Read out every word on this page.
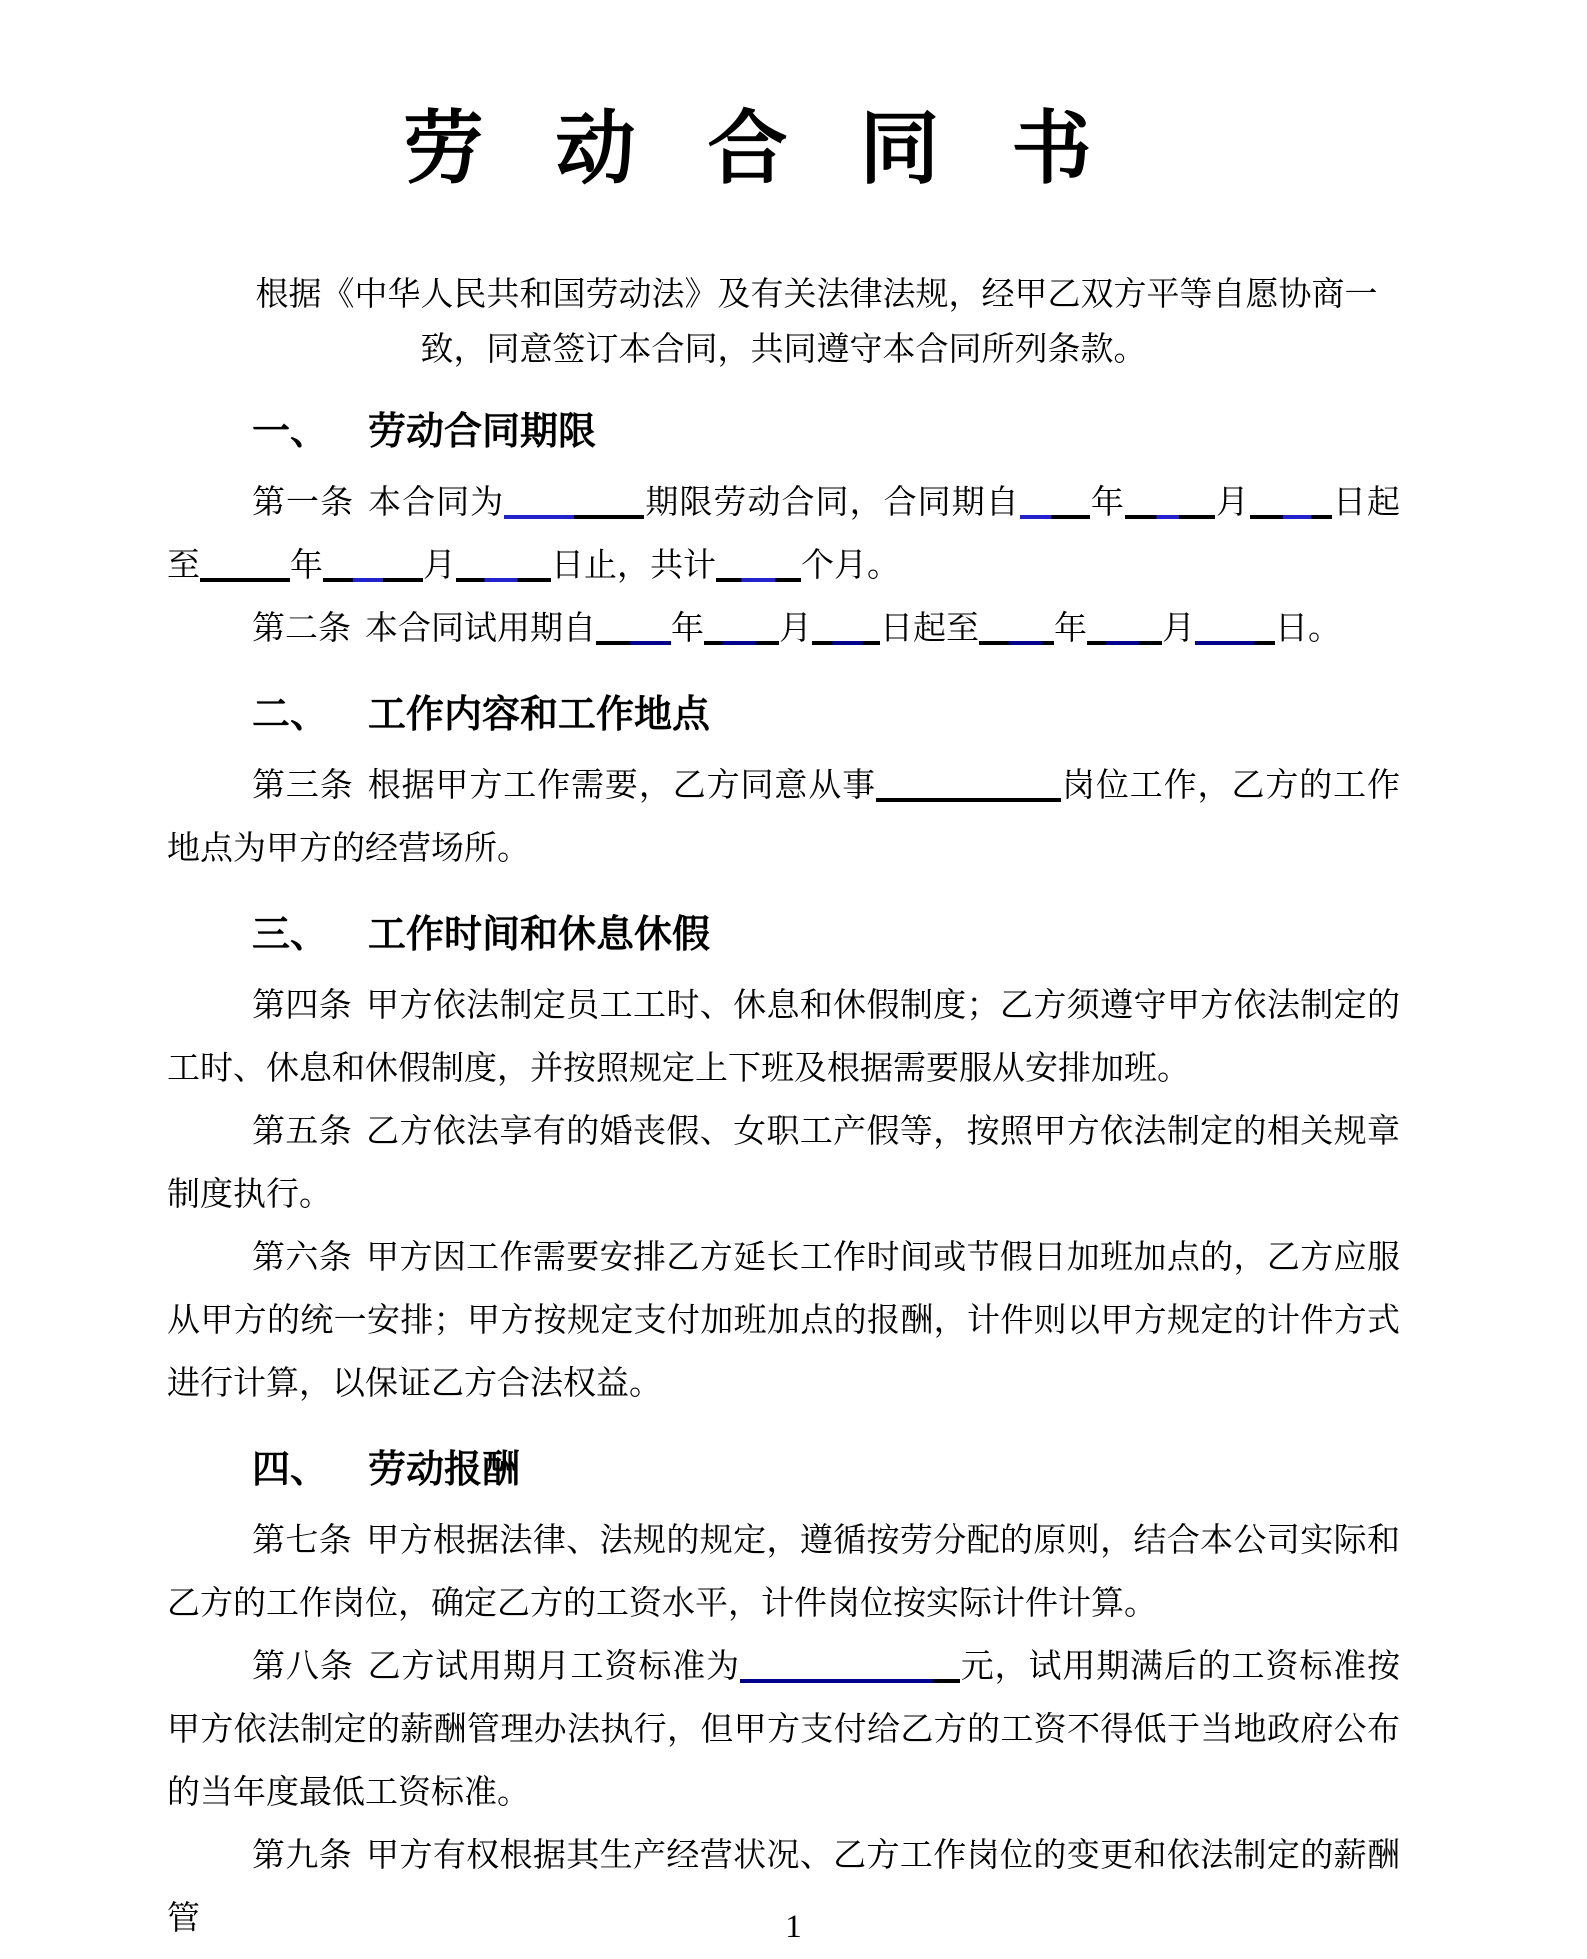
劳动合同书

根据《中华人民共和国劳动法》及有关法律法规，经甲乙双方平等自愿协商一致，同意签订本合同，共同遵守本合同所列条款。

一、 劳动合同期限

第一条 本合同为	期限劳动合同，合同期自 年	月 日起至	年	月	日止，共计	个月。

第二条 本合同试用期自 年 月 日起至 年 月 日。

二、 工作内容和工作地点

第三条 根据甲方工作需要，乙方同意从事	岗位工作，乙方的工作地点为甲方的经营场所。

三、 工作时间和休息休假

第四条 甲方依法制定员工工时、休息和休假制度；乙方须遵守甲方依法制定的工时、休息和休假制度，并按照规定上下班及根据需要服从安排加班。

第五条 乙方依法享有的婚丧假、女职工产假等，按照甲方依法制定的相关规章制度执行。

第六条 甲方因工作需要安排乙方延长工作时间或节假日加班加点的，乙方应服从甲方的统一安排；甲方按规定支付加班加点的报酬，计件则以甲方规定的计件方式进行计算，以保证乙方合法权益。

四、 劳动报酬

第七条 甲方根据法律、法规的规定，遵循按劳分配的原则，结合本公司实际和乙方的工作岗位，确定乙方的工资水平，计件岗位按实际计件计算。

第八条 乙方试用期月工资标准为	元，试用期满后的工资标准按甲方依法制定的薪酬管理办法执行，但甲方支付给乙方的工资不得低于当地政府公布的当年度最低工资标准。

第九条 甲方有权根据其生产经营状况、乙方工作岗位的变更和依法制定的薪酬管	1
